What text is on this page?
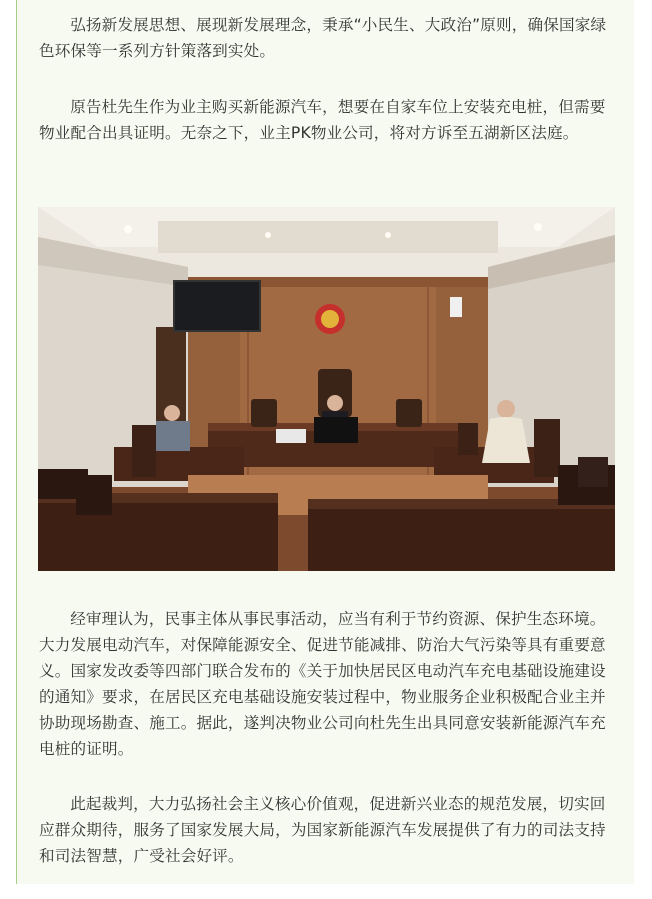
弘扬新发展思想、展现新发展理念，秉承“小民生、大政治”原则，确保国家绿色环保等一系列方针策落到实处。

原告杜先生作为业主购买新能源汽车，想要在自家车位上安装充电桩，但需要物业配合出具证明。无奈之下，业主PK物业公司，将对方诉至五湖新区法庭。

经审理认为，民事主体从事民事活动，应当有利于节约资源、保护生态环境。大力发展电动汽车，对保障能源安全、促进节能减排、防治大气污染等具有重要意义。国家发改委等四部门联合发布的《关于加快居民区电动汽车充电基础设施建设的通知》要求，在居民区充电基础设施安装过程中，物业服务企业积极配合业主并协助现场勘查、施工。据此，遂判决物业公司向杜先生出具同意安装新能源汽车充电桩的证明。

此起裁判，大力弘扬社会主义核心价值观，促进新兴业态的规范发展，切实回应群众期待，服务了国家发展大局，为国家新能源汽车发展提供了有力的司法支持和司法智慧，广受社会好评。
